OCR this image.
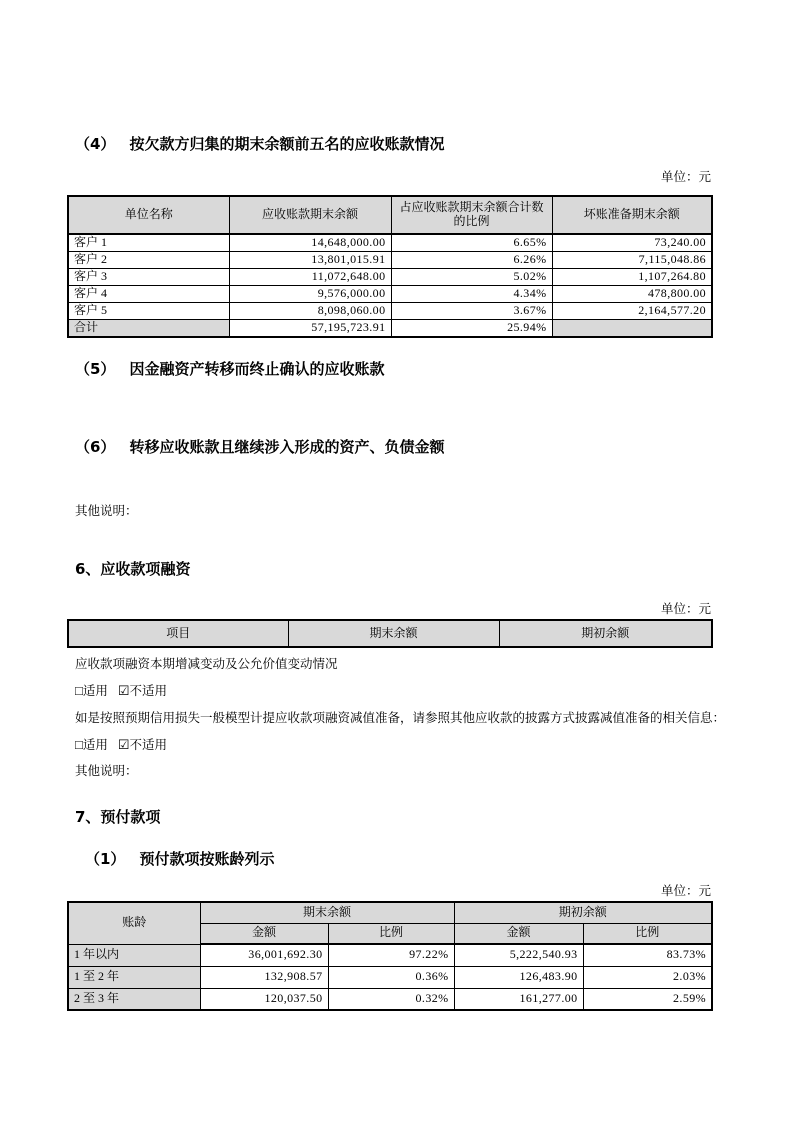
（4） 按欠款方归集的期末余额前五名的应收账款情况
单位：元
单位名称	应收账款期末余额	占应收账款期末余额合计数的比例	坏账准备期末余额
客户 1	14,648,000.00	6.65%	73,240.00
客户 2	13,801,015.91	6.26%	7,115,048.86
客户 3	11,072,648.00	5.02%	1,107,264.80
客户 4	9,576,000.00	4.34%	478,800.00
客户 5	8,098,060.00	3.67%	2,164,577.20
合计	57,195,723.91	25.94%	
（5） 因金融资产转移而终止确认的应收账款
（6） 转移应收账款且继续涉入形成的资产、负债金额
其他说明：
6、应收款项融资
单位：元
项目	期末余额	期初余额
应收款项融资本期增减变动及公允价值变动情况
□适用 ☑不适用
如是按照预期信用损失一般模型计提应收款项融资减值准备，请参照其他应收款的披露方式披露减值准备的相关信息：
□适用 ☑不适用
其他说明：
7、预付款项
（1） 预付款项按账龄列示
单位：元
账龄	期末余额		期初余额	
	金额	比例	金额	比例
1 年以内	36,001,692.30	97.22%	5,222,540.93	83.73%
1 至 2 年	132,908.57	0.36%	126,483.90	2.03%
2 至 3 年	120,037.50	0.32%	161,277.00	2.59%
